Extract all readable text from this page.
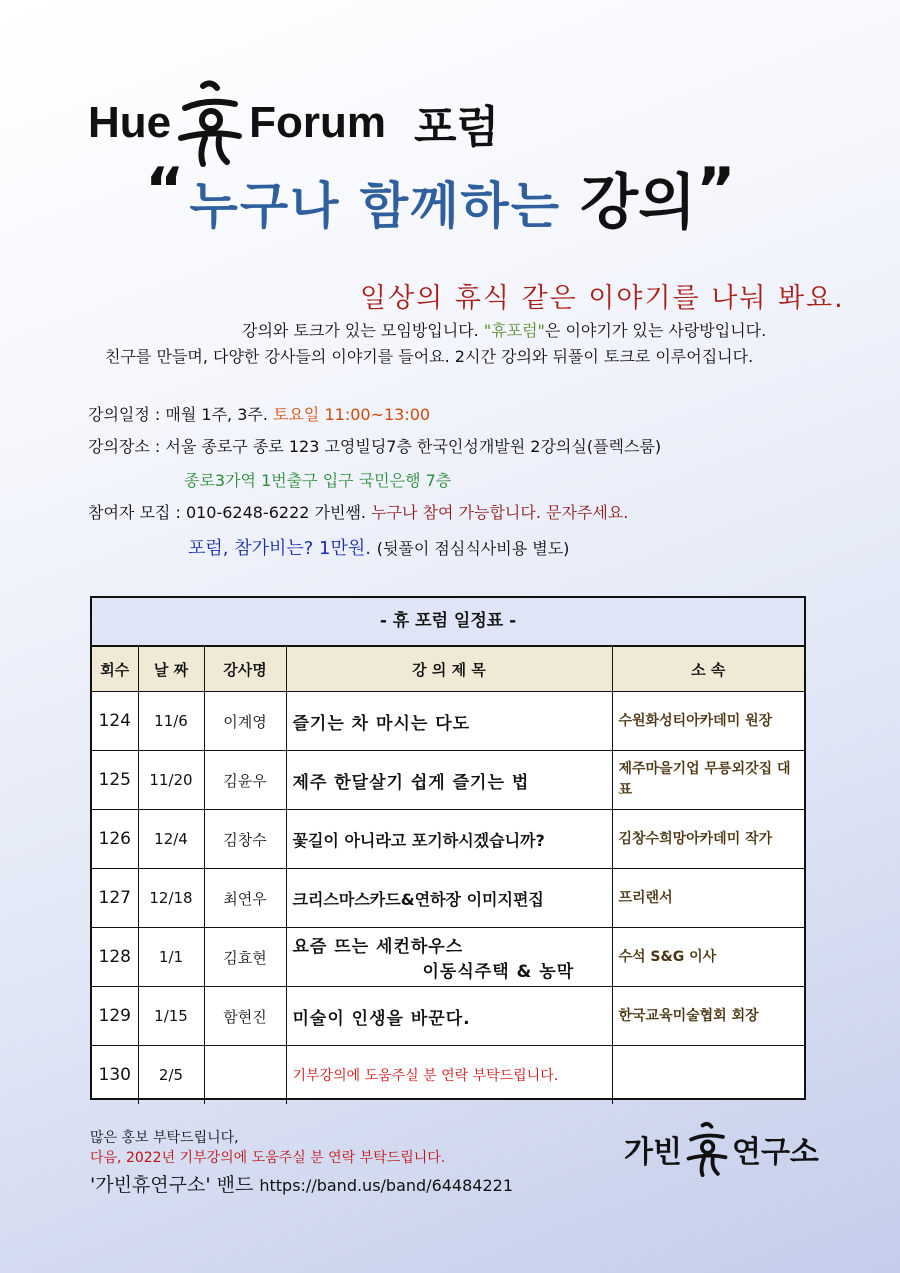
Hue Forum 포럼
“ 누구나 함께하는 강의”
일상의 휴식 같은 이야기를 나눠 봐요.
강의와 토크가 있는 모임방입니다. "휴포럼"은 이야기가 있는 사랑방입니다.
친구를 만들며, 다양한 강사들의 이야기를 들어요. 2시간 강의와 뒤풀이 토크로 이루어집니다.
강의일정 : 매월 1주, 3주. 토요일 11:00~13:00
강의장소 : 서울 종로구 종로 123 고영빌딩7층 한국인성개발원 2강의실(플렉스룸)
종로3가역 1번출구 입구 국민은행 7층
참여자 모집 : 010-6248-6222 가빈쌤. 누구나 참여 가능합니다. 문자주세요.
포럼, 참가비는? 1만원. (뒷풀이 점심식사비용 별도)
- 휴 포럼 일정표 -
회수	날 짜	강사명	강 의 제 목	소 속
124	11/6	이계영	즐기는 차 마시는 다도	수원화성티아카데미 원장
125	11/20	김윤우	제주 한달살기 쉽게 즐기는 법	제주마을기업 무릉외갓집 대표
126	12/4	김창수	꽃길이 아니라고 포기하시겠습니까?	김창수희망아카데미 작가
127	12/18	최연우	크리스마스카드&연하장 이미지편집	프리랜서
128	1/1	김효현	요즘 뜨는 세컨하우스
이동식주택 & 농막	수석 S&G 이사
129	1/15	함현진	미술이 인생을 바꾼다.	한국교육미술협회 회장
130	2/5		기부강의에 도움주실 분 연락 부탁드립니다.	
많은 홍보 부탁드립니다,
다음, 2022년 기부강의에 도움주실 분 연락 부탁드립니다.
'가빈휴연구소' 밴드 https://band.us/band/64484221
가빈 연구소
